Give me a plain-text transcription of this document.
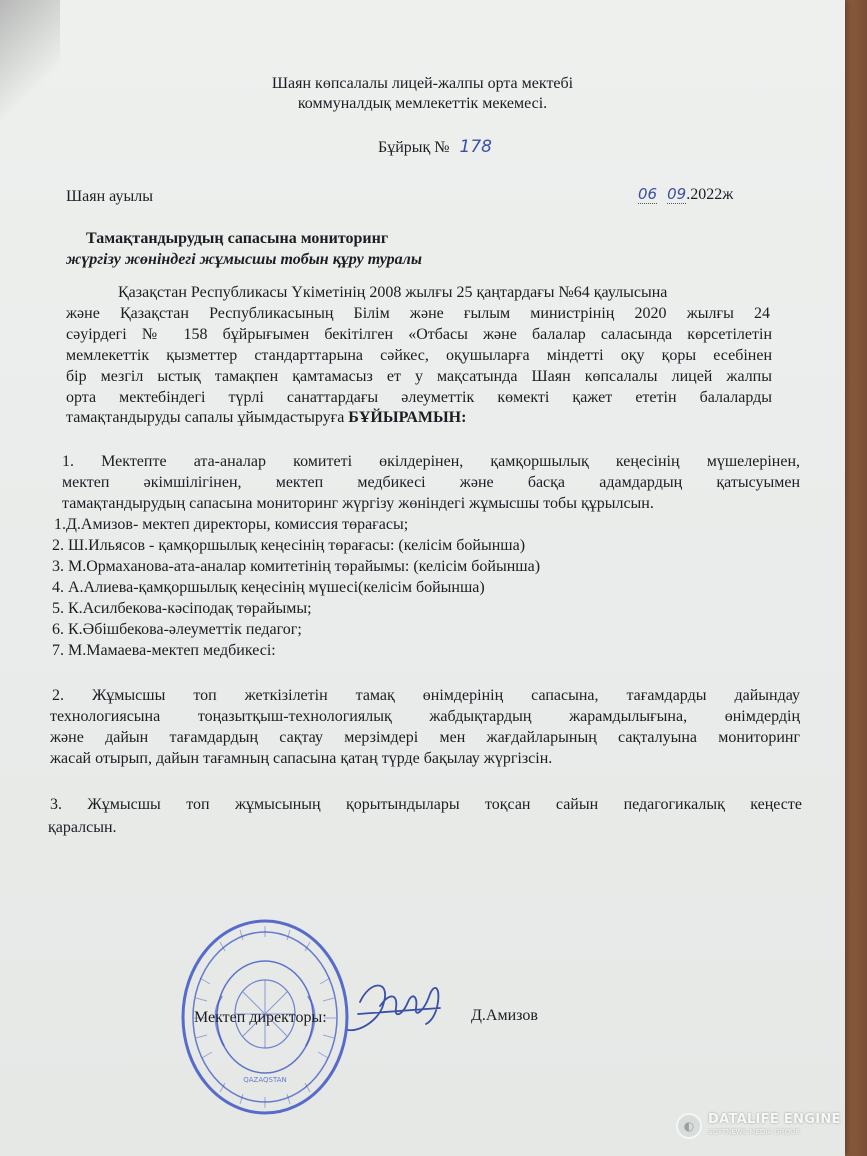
Шаян көпсалалы лицей-жалпы орта мектебі
коммуналдық мемлекеттік мекемесі.
Бұйрық № 178
Шаян ауылы	06 09.2022ж
Тамақтандырудың сапасына мониторинг
жүргізу жөніндегі жұмысшы тобын құру туралы
Қазақстан Республикасы Үкіметінің 2008 жылғы 25 қаңтардағы №64 қаулысына
және Қазақстан Республикасының Білім және ғылым министрінің 2020 жылғы 24
сәуірдегі № 158 бұйрығымен бекітілген «Отбасы және балалар саласында көрсетілетін
мемлекеттік қызметтер стандарттарына сәйкес, оқушыларға міндетті оқу қоры есебінен
бір мезгіл ыстық тамақпен қамтамасыз ет у мақсатында Шаян көпсалалы лицей жалпы
орта мектебіндегі түрлі санаттардағы әлеуметтік көмекті қажет ететін балаларды
тамақтандыруды сапалы ұйымдастыруға БҰЙЫРАМЫН:
1. Мектепте ата-аналар комитеті өкілдерінен, қамқоршылық кеңесінің мүшелерінен,
мектеп әкімшілігінен, мектеп медбикесі және басқа адамдардың қатысуымен
тамақтандырудың сапасына мониторинг жүргізу жөніндегі жұмысшы тобы құрылсын.
1.Д.Амизов- мектеп директоры, комиссия төрағасы;
2. Ш.Ильясов - қамқоршылық кеңесінің төрағасы: (келісім бойынша)
3. М.Ормаханова-ата-аналар комитетінің төрайымы: (келісім бойынша)
4. А.Алиева-қамқоршылық кеңесінің мүшесі(келісім бойынша)
5. К.Асилбекова-кәсіподақ төрайымы;
6. К.Әбішбекова-әлеуметтік педагог;
7. М.Мамаева-мектеп медбикесі:
2. Жұмысшы топ жеткізілетін тамақ өнімдерінің сапасына, тағамдарды дайындау
технологиясына тоңазытқыш-технологиялық жабдықтардың жарамдылығына, өнімдердің
және дайын тағамдардың сақтау мерзімдері мен жағдайларының сақталуына мониторинг
жасай отырып, дайын тағамның сапасына қатаң түрде бақылау жүргізсін.
3. Жұмысшы топ жұмысының қорытындылары тоқсан сайын педагогикалық кеңесте
қаралсын.
QAZAQSTAN
Мектеп директоры:	Д.Амизов
◐	DATALIFE ENGINE
SOFTNEWS MEDIA GROUP
